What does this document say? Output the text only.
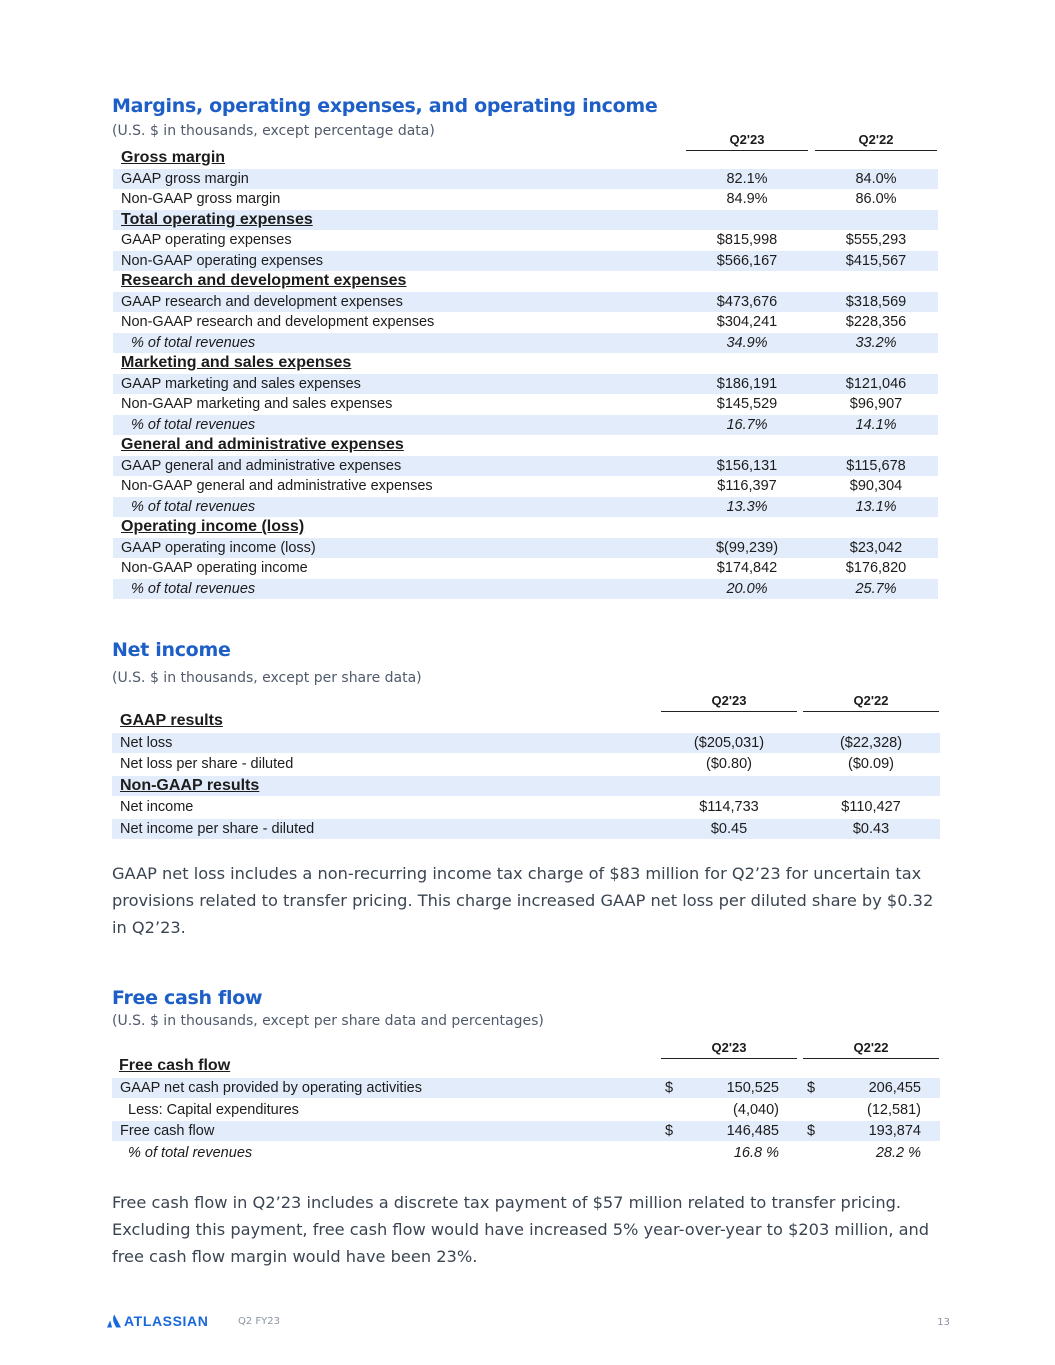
Margins, operating expenses, and operating income
(U.S. $ in thousands, except percentage data)
Q2'23	Q2'22
Gross margin
GAAP gross margin	82.1%	84.0%
Non-GAAP gross margin	84.9%	86.0%
Total operating expenses
GAAP operating expenses	$815,998	$555,293
Non-GAAP operating expenses	$566,167	$415,567
Research and development expenses
GAAP research and development expenses	$473,676	$318,569
Non-GAAP research and development expenses	$304,241	$228,356
% of total revenues	34.9%	33.2%
Marketing and sales expenses
GAAP marketing and sales expenses	$186,191	$121,046
Non-GAAP marketing and sales expenses	$145,529	$96,907
% of total revenues	16.7%	14.1%
General and administrative expenses
GAAP general and administrative expenses	$156,131	$115,678
Non-GAAP general and administrative expenses	$116,397	$90,304
% of total revenues	13.3%	13.1%
Operating income (loss)
GAAP operating income (loss)	$(99,239)	$23,042
Non-GAAP operating income	$174,842	$176,820
% of total revenues	20.0%	25.7%
Net income
(U.S. $ in thousands, except per share data)
Q2'23	Q2'22
GAAP results
Net loss	($205,031)	($22,328)
Net loss per share - diluted	($0.80)	($0.09)
Non-GAAP results
Net income	$114,733	$110,427
Net income per share - diluted	$0.45	$0.43
GAAP net loss includes a non-recurring income tax charge of $83 million for Q2’23 for uncertain tax provisions related to transfer pricing. This charge increased GAAP net loss per diluted share by $0.32 in Q2’23.
Free cash flow
(U.S. $ in thousands, except per share data and percentages)
Q2'23	Q2'22
Free cash flow
GAAP net cash provided by operating activities	$	150,525 $	206,455
Less: Capital expenditures	(4,040)	(12,581)
Free cash flow	$	146,485 $	193,874
% of total revenues	16.8 %	28.2 %
Free cash flow in Q2’23 includes a discrete tax payment of $57 million related to transfer pricing. Excluding this payment, free cash flow would have increased 5% year-over-year to $203 million, and free cash flow margin would have been 23%.
ATLASSIAN	Q2 FY23	13
